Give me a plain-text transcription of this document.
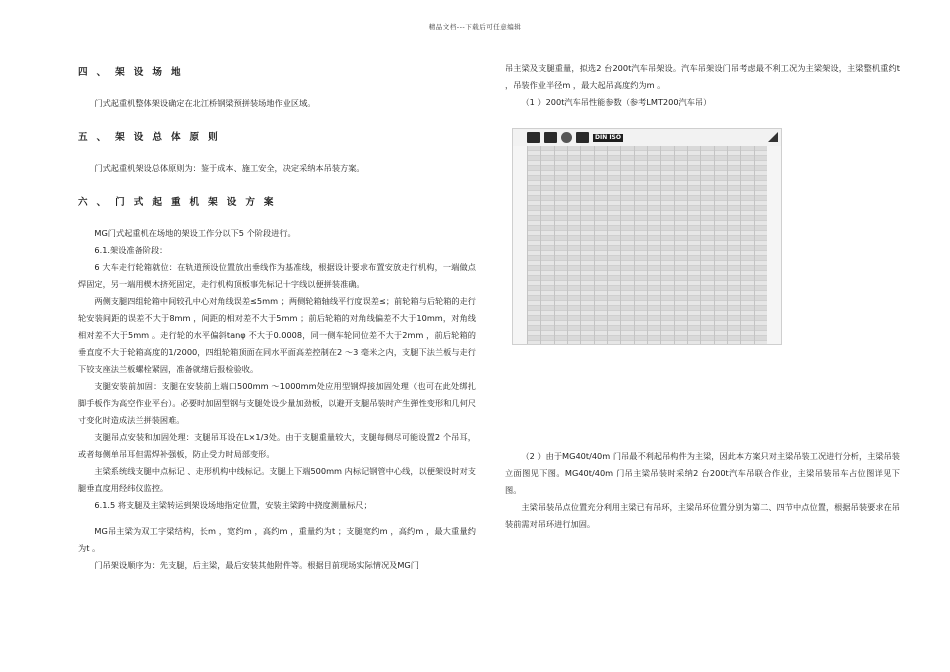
精品文档---下载后可任意编辑
四、架设场地

门式起重机整体架设确定在北江桥钢梁预拼装场地作业区域。

五、架设总体原则

门式起重机架设总体原则为：鉴于成本、施工安全，决定采纳本吊装方案。

六、门式起重机架设方案

MG门式起重机在场地的架设工作分以下5 个阶段进行。

6.1.架设准备阶段：

6 大车走行轮箱就位：在轨道预设位置放出垂线作为基准线，根据设计要求布置安放走行机构，一端做点焊固定，另一端用楔木挤死固定，走行机构顶板事先标记十字线以便拼装准确。

两侧支腿四组轮箱中间较孔中心对角线误差≤5mm ；两侧轮箱轴线平行度误差≤；前轮箱与后轮箱的走行轮安装间距的误差不大于8mm ，间距的相对差不大于5mm ；前后轮箱的对角线偏差不大于10mm，对角线相对差不大于5mm 。走行轮的水平偏斜tanφ 不大于0.0008，同一侧车轮同位差不大于2mm ，前后轮箱的垂直度不大于轮箱高度的1/2000，四组轮箱顶面在同水平面高差控制在2 ～3 毫米之内，支腿下法兰板与走行下铰支座法兰板螺栓紧固，准备就绪后报检验收。

支腿安装前加固：支腿在安装前上端口500mm ～1000mm处应用型钢焊接加固处理（也可在此处绑扎脚手板作为高空作业平台）。必要时加固型钢与支腿处设少量加劲板，以避开支腿吊装时产生弹性变形和几何尺寸变化时造成法兰拼装困难。

支腿吊点安装和加固处理：支腿吊耳设在L×1/3处。由于支腿重量较大，支腿每侧尽可能设置2 个吊耳，或者每侧单吊耳但需焊补强板，防止受力时局部变形。

主梁系统线支腿中点标记 、走形机构中线标记。支腿上下端500mm 内标记钢管中心线，以便架设时对支腿垂直度用经纬仪监控。

6.1.5 将支腿及主梁转运到架设场地指定位置，安装主梁跨中挠度测量标尺；

MG吊主梁为双工字梁结构，长m ，宽约m ，高约m ，重量约为t ；支腿宽约m ，高约m ，最大重量约为t 。

门吊架设顺序为：先支腿，后主梁，最后安装其他附件等。根据目前现场实际情况及MG门

吊主梁及支腿重量，拟选2 台200t汽车吊架设。汽车吊架设门吊考虑最不利工况为主梁架设，主梁整机重约t ，吊装作业半径m ，最大起吊高度约为m 。

（1 ）200t汽车吊性能参数（参考LMT200汽车吊）

DIN ISO

（2 ）由于MG40t/40m 门吊最不利起吊构件为主梁，因此本方案只对主梁吊装工况进行分析，主梁吊装立面图见下图。MG40t/40m 门吊主梁吊装时采纳2 台200t汽车吊联合作业，主梁吊装吊车占位图详见下图。

主梁吊装吊点位置充分利用主梁已有吊环，主梁吊环位置分别为第二、四节中点位置，根据吊装要求在吊装前需对吊环进行加固。
